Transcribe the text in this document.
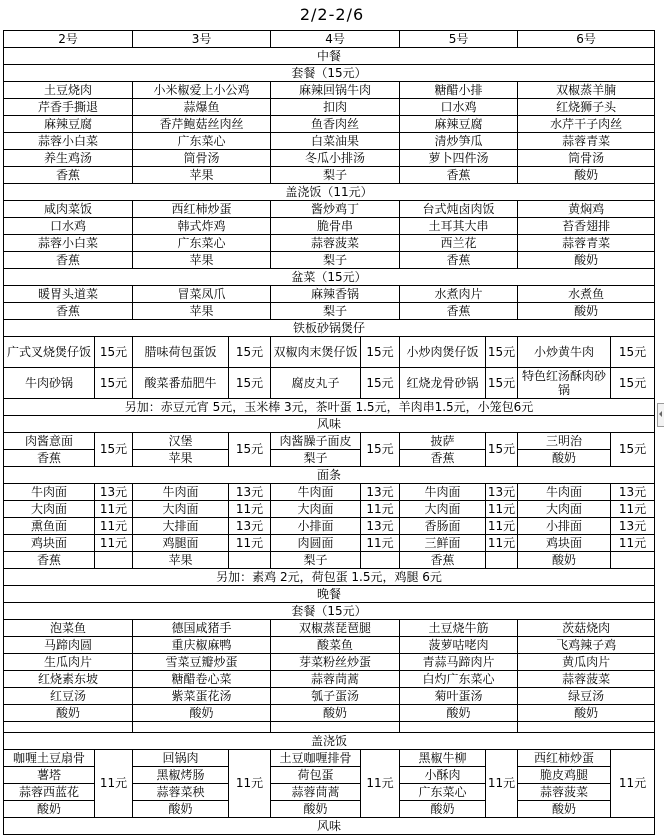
2/2-2/6
2号		3号		4号		5号		6号	
中餐									
套餐（15元）									
土豆烧肉		小米椒爱上小公鸡		麻辣回锅牛肉		糖醋小排		双椒蒸羊腩	
芹香手撕退		蒜爆鱼		扣肉		口水鸡		红烧狮子头	
麻辣豆腐		香芹鲍菇丝肉丝		鱼香肉丝		麻辣豆腐		水芹干子肉丝	
蒜蓉小白菜		广东菜心		白菜油果		清炒笋瓜		蒜蓉青菜	
养生鸡汤		筒骨汤		冬瓜小排汤		萝卜四件汤		筒骨汤	
香蕉		苹果		梨子		香蕉		酸奶	
盖浇饭（11元）									
咸肉菜饭		西红柿炒蛋		酱炒鸡丁		台式炖卤肉饭		黄焖鸡	
口水鸡		韩式炸鸡		脆骨串		土耳其大串		苔香翅排	
蒜蓉小白菜		广东菜心		蒜蓉菠菜		西兰花		蒜蓉青菜	
香蕉		苹果		梨子		香蕉		酸奶	
盆菜（15元）									
暖胃头道菜		冒菜凤爪		麻辣香锅		水煮肉片		水煮鱼	
香蕉		苹果		梨子		香蕉		酸奶	
铁板砂锅煲仔									
广式叉烧煲仔饭	15元	腊味荷包蛋饭	15元	双椒肉末煲仔饭	15元	小炒肉煲仔饭	15元	小炒黄牛肉	15元
牛肉砂锅	15元	酸菜番茄肥牛	15元	腐皮丸子	15元	红烧龙骨砂锅	15元	特色红汤酥肉砂锅	15元
另加：赤豆元宵 5元，玉米棒 3元，茶叶蛋 1.5元，羊肉串1.5元，小笼包6元									
风味									
肉酱意面	15元	汉堡	15元	肉酱臊子面皮	15元	披萨	15元	三明治	15元
香蕉		苹果		梨子		香蕉		酸奶	
面条									
牛肉面	13元	牛肉面	13元	牛肉面	13元	牛肉面	13元	牛肉面	13元
大肉面	11元	大肉面	11元	大肉面	11元	大肉面	11元	大肉面	11元
熏鱼面	11元	大排面	13元	小排面	13元	香肠面	11元	小排面	13元
鸡块面	11元	鸡腿面	11元	肉圆面	11元	三鲜面	11元	鸡块面	11元
香蕉		苹果		梨子		香蕉		酸奶	
另加：素鸡 2元，荷包蛋 1.5元，鸡腿 6元									
晚餐									
套餐（15元）									
泡菜鱼		德国咸猪手		双椒蒸琵琶腿		土豆烧牛筋		茨菇烧肉	
马蹄肉圆		重庆椒麻鸭		酸菜鱼		菠萝咕咾肉		飞鸡辣子鸡	
生瓜肉片		雪菜豆瓣炒蛋		芽菜粉丝炒蛋		青蒜马蹄肉片		黄瓜肉片	
红烧素东坡		糖醋卷心菜		蒜蓉茼蒿		白灼广东菜心		蒜蓉菠菜	
红豆汤		紫菜蛋花汤		瓠子蛋汤		菊叶蛋汤		绿豆汤	
酸奶		酸奶		酸奶		酸奶		酸奶	

盖浇饭									
咖喱土豆扇骨	11元	回锅肉	11元	土豆咖喱排骨	11元	黑椒牛柳	11元	西红柿炒蛋	11元
薯塔		黑椒烤肠		荷包蛋		小酥肉		脆皮鸡腿	
蒜蓉西蓝花		蒜蓉菜秧		蒜蓉茼蒿		广东菜心		蒜蓉菠菜	
酸奶		酸奶		酸奶		酸奶		酸奶	
风味									
